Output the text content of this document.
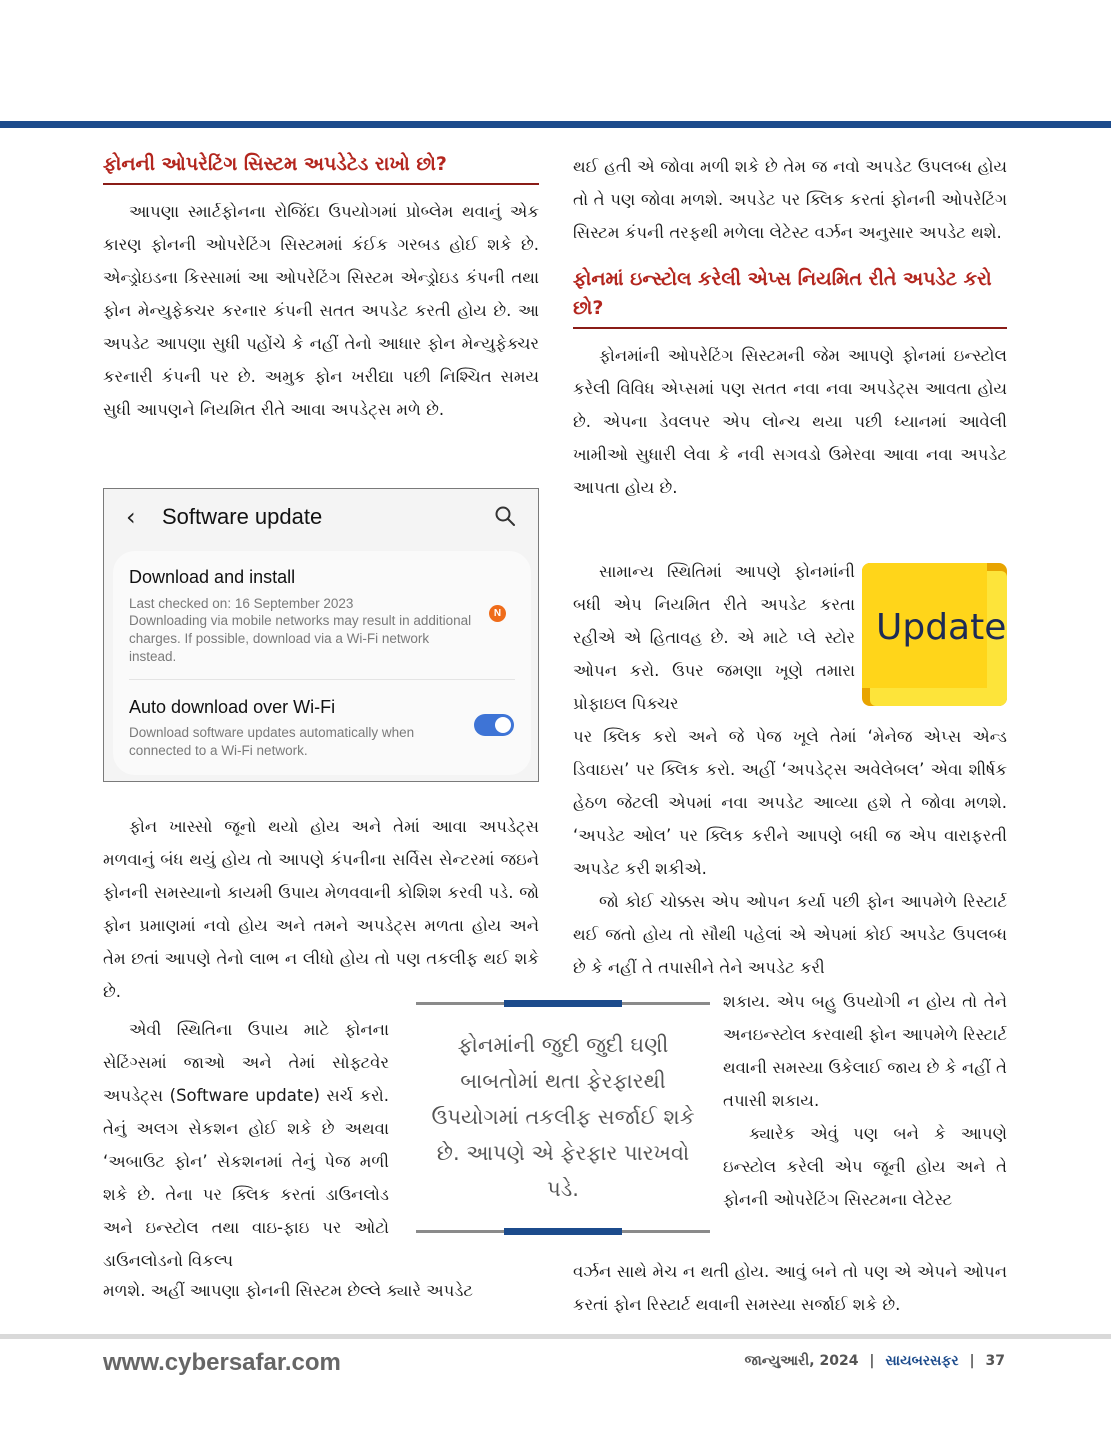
ફોનની ઓપરેટિંગ સિસ્ટમ અપડેટેડ રાખો છો?

આપણા સ્માર્ટફોનના રોજિંદા ઉપયોગમાં પ્રોબ્લેમ થવાનું એક કારણ ફોનની ઓપરેટિંગ સિસ્ટમમાં કંઈક ગરબડ હોઈ શકે છે. એન્ડ્રોઇડના કિસ્સામાં આ ઓપરેટિંગ સિસ્ટમ એન્ડ્રોઇડ કંપની તથા ફોન મેન્યુફેક્ચર કરનાર કંપની સતત અપડેટ કરતી હોય છે. આ અપડેટ આપણા સુધી પહોંચે કે નહીં તેનો આધાર ફોન મેન્યુફેક્ચર કરનારી કંપની પર છે. અમુક ફોન ખરીદ્યા પછી નિશ્ચિત સમય સુધી આપણને નિયમિત રીતે આવા અપડેટ્સ મળે છે.

‹ Software update
Download and install
Last checked on: 16 September 2023
Downloading via mobile networks may result in additional charges. If possible, download via a Wi-Fi network instead.
N
Auto download over Wi-Fi
Download software updates automatically when connected to a Wi-Fi network.

ફોન ખાસ્સો જૂનો થયો હોય અને તેમાં આવા અપડેટ્સ મળવાનું બંધ થયું હોય તો આપણે કંપનીના સર્વિસ સેન્ટરમાં જઇને ફોનની સમસ્યાનો કાયમી ઉપાય મેળવવાની કોશિશ કરવી પડે. જો ફોન પ્રમાણમાં નવો હોય અને તમને અપડેટ્સ મળતા હોય અને તેમ છતાં આપણે તેનો લાભ ન લીધો હોય તો પણ તકલીફ થઈ શકે છે.

એવી સ્થિતિના ઉપાય માટે ફોનના સેટિંગ્સમાં જાઓ અને તેમાં સોફ્ટવેર અપડેટ્સ (Software update) સર્ચ કરો. તેનું અલગ સેકશન હોઈ શકે છે અથવા ‘અબાઉટ ફોન’ સેકશનમાં તેનું પેજ મળી શકે છે. તેના પર ક્લિક કરતાં ડાઉનલોડ અને ઇન્સ્ટોલ તથા વાઇ-ફાઇ પર ઓટો ડાઉનલોડનો વિકલ્પ

મળશે. અહીં આપણા ફોનની સિસ્ટમ છેલ્લે ક્યારે અપડેટ

ફોનમાંની જુદી જુદી ઘણી બાબતોમાં થતા ફેરફારથી ઉપયોગમાં તકલીફ સર્જાઈ શકે છે. આપણે એ ફેરફાર પારખવો પડે.

થઈ હતી એ જોવા મળી શકે છે તેમ જ નવો અપડેટ ઉપલબ્ધ હોય તો તે પણ જોવા મળશે. અપડેટ પર ક્લિક કરતાં ફોનની ઓપરેટિંગ સિસ્ટમ કંપની તરફથી મળેલા લેટેસ્ટ વર્ઝન અનુસાર અપડેટ થશે.

ફોનમાં ઇન્સ્ટોલ કરેલી એપ્સ નિયમિત રીતે અપડેટ કરો છો?

ફોનમાંની ઓપરેટિંગ સિસ્ટમની જેમ આપણે ફોનમાં ઇન્સ્ટોલ કરેલી વિવિધ એપ્સમાં પણ સતત નવા નવા અપડેટ્સ આવતા હોય છે. એપના ડેવલપર એપ લોન્ચ થયા પછી ધ્યાનમાં આવેલી ખામીઓ સુધારી લેવા કે નવી સગવડો ઉમેરવા આવા નવા અપડેટ આપતા હોય છે.

સામાન્ય સ્થિતિમાં આપણે ફોનમાંની બધી એપ નિયમિત રીતે અપડેટ કરતા રહીએ એ હિતાવહ છે. એ માટે પ્લે સ્ટોર ઓપન કરો. ઉપર જમણા ખૂણે તમારા પ્રોફાઇલ પિક્ચર

Update

પર ક્લિક કરો અને જે પેજ ખૂલે તેમાં ‘મેનેજ એપ્સ એન્ડ ડિવાઇસ’ પર ક્લિક કરો. અહીં ‘અપડેટ્સ અવેલેબલ’ એવા શીર્ષક હેઠળ જેટલી એપમાં નવા અપડેટ આવ્યા હશે તે જોવા મળશે. ‘અપડેટ ઓલ’ પર ક્લિક કરીને આપણે બધી જ એપ વારાફરતી અપડેટ કરી શકીએ.

જો કોઈ ચોક્કસ એપ ઓપન કર્યા પછી ફોન આપમેળે રિસ્ટાર્ટ થઈ જતો હોય તો સૌથી પહેલાં એ એપમાં કોઈ અપડેટ ઉપલબ્ધ છે કે નહીં તે તપાસીને તેને અપડેટ કરી

શકાય. એપ બહુ ઉપયોગી ન હોય તો તેને અનઇન્સ્ટોલ કરવાથી ફોન આપમેળે રિસ્ટાર્ટ થવાની સમસ્યા ઉકેલાઈ જાય છે કે નહીં તે તપાસી શકાય.

ક્યારેક એવું પણ બને કે આપણે ઇન્સ્ટોલ કરેલી એપ જૂની હોય અને તે ફોનની ઓપરેટિંગ સિસ્ટમના લેટેસ્ટ

વર્ઝન સાથે મેચ ન થતી હોય. આવું બને તો પણ એ એપને ઓપન કરતાં ફોન રિસ્ટાર્ટ થવાની સમસ્યા સર્જાઈ શકે છે.

www.cybersafar.com	જાન્યુઆરી, 2024 | સાયબરસફર | 37
